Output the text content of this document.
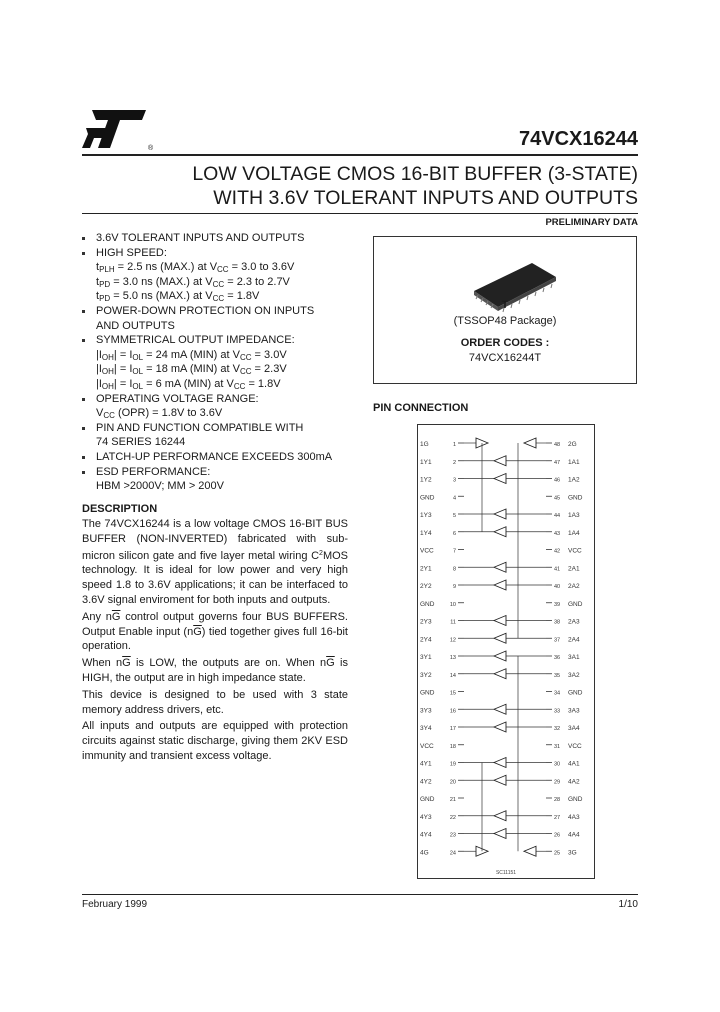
®	74VCX16244
LOW VOLTAGE CMOS 16-BIT BUFFER (3-STATE)
WITH 3.6V TOLERANT INPUTS AND OUTPUTS
PRELIMINARY DATA
3.6V TOLERANT INPUTS AND OUTPUTS
HIGH SPEED:
$t_{PLH} = 2.5$ ns (MAX.) at $V_{CC} = 3.0$ to 3.6V
$t_{PD} = 3.0$ ns (MAX.) at $V_{CC} = 2.3$ to 2.7V
$t_{PD} = 5.0$ ns (MAX.) at $V_{CC} = 1.8V$
POWER-DOWN PROTECTION ON INPUTS
AND OUTPUTS
SYMMETRICAL OUTPUT IMPEDANCE:
$|I_{OH}| = I_{OL} = 24$ mA (MIN) at $V_{CC} = 3.0V$
$|I_{OH}| = I_{OL} = 18$ mA (MIN) at $V_{CC} = 2.3V$
$|I_{OH}| = I_{OL} = 6$ mA (MIN) at $V_{CC} = 1.8V$
OPERATING VOLTAGE RANGE:
$V_{CC}$ (OPR) = 1.8V to 3.6V
PIN AND FUNCTION COMPATIBLE WITH
74 SERIES 16244
LATCH-UP PERFORMANCE EXCEEDS 300mA
ESD PERFORMANCE:
HBM >2000V; MM > 200V
DESCRIPTION

The 74VCX16244 is a low voltage CMOS 16-BIT BUS BUFFER (NON-INVERTED) fabricated with sub-micron silicon gate and five layer metal wiring $C^2MOS$ technology. It is ideal for low power and very high speed 1.8 to 3.6V applications; it can be interfaced to 3.6V signal enviroment for both inputs and outputs.

Any $n\overline{G}$ control output governs four BUS BUFFERS. Output Enable input $(n\overline{G})$ tied together gives full 16-bit operation.

When $n\overline{G}$ is LOW, the outputs are on. When $n\overline{G}$ is HIGH, the output are in high impedance state.

This device is designed to be used with 3 state memory address drivers, etc.

All inputs and outputs are equipped with protection circuits against static discharge, giving them 2KV ESD immunity and transient excess voltage.

T
(TSSOP48 Package)
ORDER CODES :
74VCX16244T
PIN CONNECTION
1G	1
1Y1	2
1Y2	3
GND	4
1Y3	5
1Y4	6
VCC	7
2Y1	8
2Y2	9
GND	10
2Y3	11
2Y4	12
3Y1	13
3Y2	14
GND	15
3Y3	16
3Y4	17
VCC	18
4Y1	19
4Y2	20
GND	21
4Y3	22
4Y4	23
4G	24
48 2G
47 1A1
46 1A2
45 GND
44 1A3
43 1A4
42 VCC
41 2A1
40 2A2
39 GND
38 2A3
37 2A4
36 3A1
35 3A2
34 GND
33 3A3
32 3A4
31 VCC
30 4A1
29 4A2
28 GND
27 4A3
26 4A4
25 3G
SC11151
February 1999	1/10
